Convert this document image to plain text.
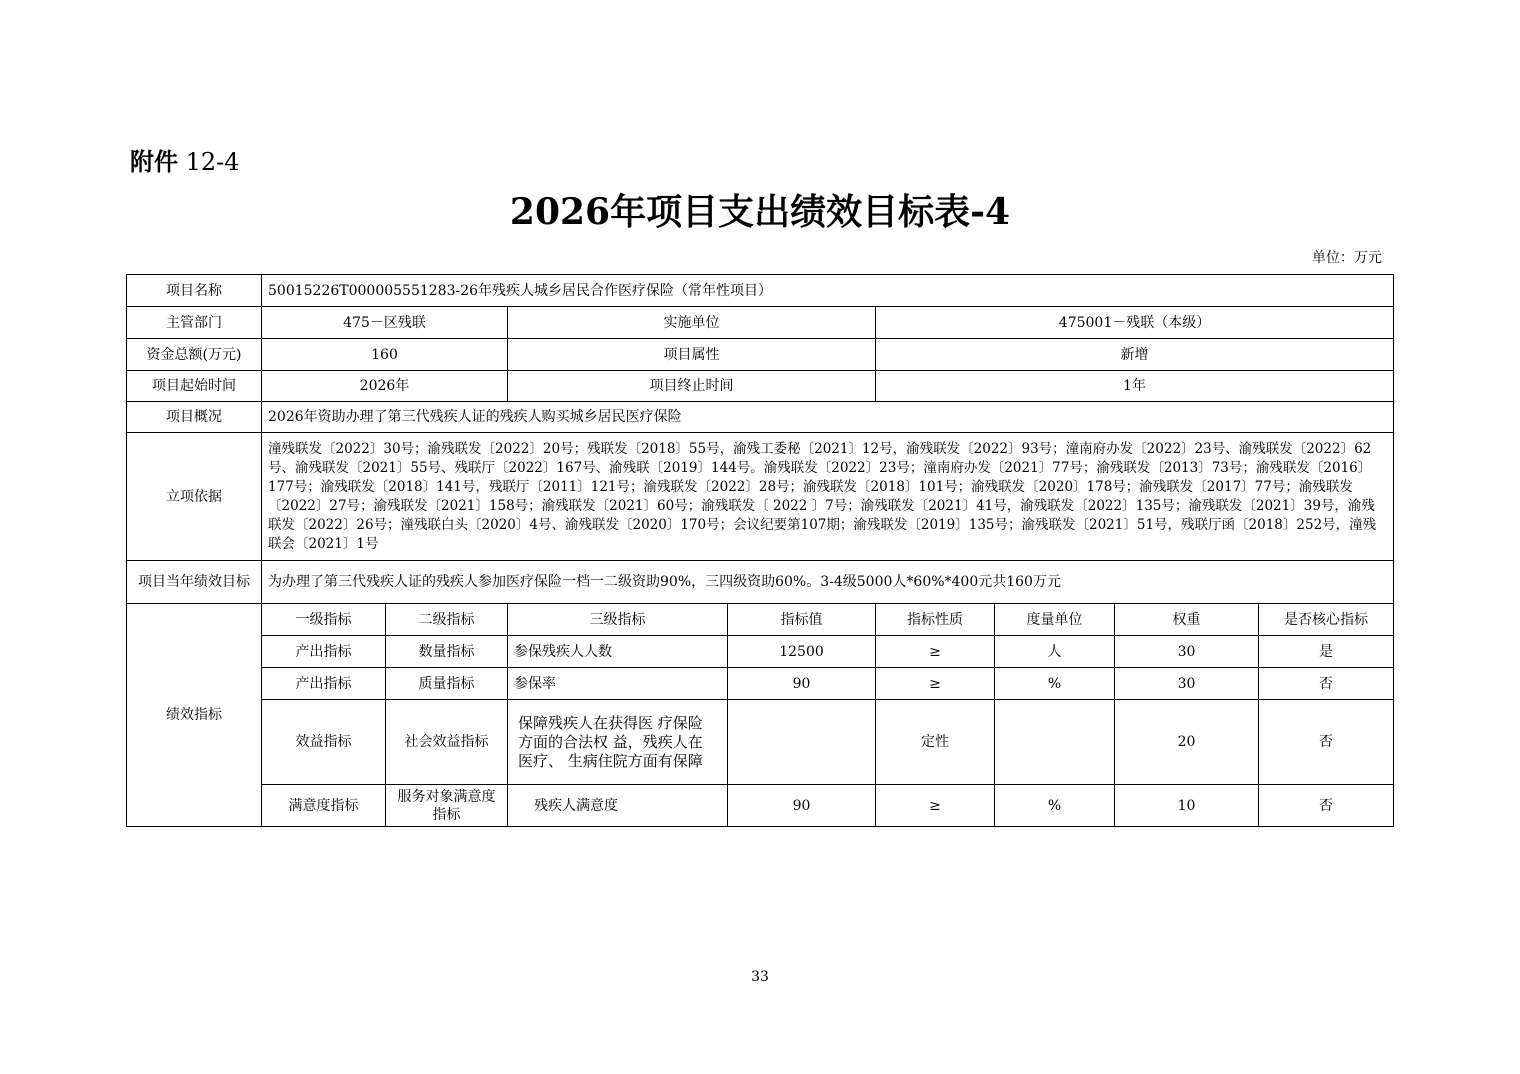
附件 12-4
2026年项目支出绩效目标表-4
单位：万元
项目名称	50015226T000005551283-26年残疾人城乡居民合作医疗保险（常年性项目）							
主管部门	475－区残联		实施单位		475001－残联（本级）			
资金总额(万元)	160		项目属性		新增			
项目起始时间	2026年		项目终止时间		1年			
项目概况	2026年资助办理了第三代残疾人证的残疾人购买城乡居民医疗保险							
立项依据	潼残联发〔2022〕30号；渝残联发〔2022〕20号；残联发〔2018〕55号，渝残工委秘〔2021〕12号，渝残联发〔2022〕93号；潼南府办发〔2022〕23号、渝残联发〔2022〕62号、渝残联发〔2021〕55号、残联厅〔2022〕167号、渝残联〔2019〕144号。渝残联发〔2022〕23号；潼南府办发〔2021〕77号；渝残联发〔2013〕73号；渝残联发〔2016〕177号；渝残联发〔2018〕141号，残联厅〔2011〕121号；渝残联发〔2022〕28号；渝残联发〔2018〕101号；渝残联发〔2020〕178号；渝残联发〔2017〕77号；渝残联发〔2022〕27号；渝残联发〔2021〕158号；渝残联发〔2021〕60号；渝残联发〔 2022 〕7号；渝残联发〔2021〕41号，渝残联发〔2022〕135号；渝残联发〔2021〕39号，渝残联发〔2022〕26号；潼残联白头〔2020〕4号、渝残联发〔2020〕170号；会议纪要第107期；渝残联发〔2019〕135号；渝残联发〔2021〕51号，残联厅函〔2018〕252号，潼残联会〔2021〕1号							
项目当年绩效目标	为办理了第三代残疾人证的残疾人参加医疗保险一档一二级资助90%，三四级资助60%。3-4级5000人*60%*400元共160万元							
绩效指标	一级指标	二级指标	三级指标	指标值	指标性质	度量单位	权重	是否核心指标
	产出指标	数量指标	参保残疾人人数	12500	≥	人	30	是
	产出指标	质量指标	参保率	90	≥	%	30	否
	效益指标	社会效益指标	保障残疾人在获得医 疗保险方面的合法权 益，残疾人在医疗、 生病住院方面有保障		定性		20	否
	满意度指标	服务对象满意度指标	残疾人满意度	90	≥	%	10	否
33
